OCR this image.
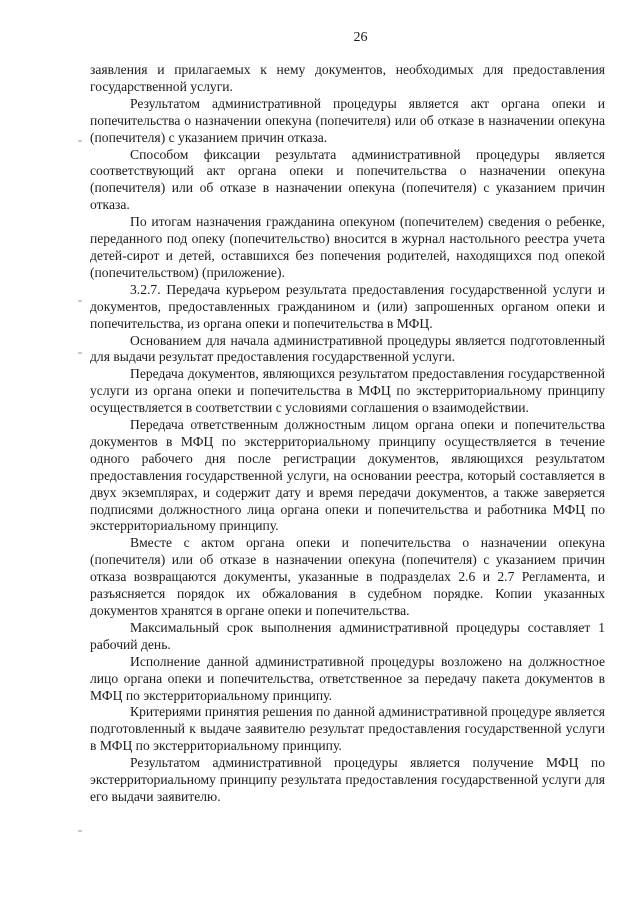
26

заявления и прилагаемых к нему документов, необходимых для предоставления государственной услуги.

Результатом административной процедуры является акт органа опеки и попечительства о назначении опекуна (попечителя) или об отказе в назначении опекуна (попечителя) с указанием причин отказа.

Способом фиксации результата административной процедуры является соответствующий акт органа опеки и попечительства о назначении опекуна (попечителя) или об отказе в назначении опекуна (попечителя) с указанием причин отказа.

По итогам назначения гражданина опекуном (попечителем) сведения о ребенке, переданного под опеку (попечительство) вносится в журнал настольного реестра учета детей-сирот и детей, оставшихся без попечения родителей, находящихся под опекой (попечительством) (приложение).

3.2.7. Передача курьером результата предоставления государственной услуги и документов, предоставленных гражданином и (или) запрошенных органом опеки и попечительства, из органа опеки и попечительства в МФЦ.

Основанием для начала административной процедуры является подготовленный для выдачи результат предоставления государственной услуги.

Передача документов, являющихся результатом предоставления государственной услуги из органа опеки и попечительства в МФЦ по экстерриториальному принципу осуществляется в соответствии с условиями соглашения о взаимодействии.

Передача ответственным должностным лицом органа опеки и попечительства документов в МФЦ по экстерриториальному принципу осуществляется в течение одного рабочего дня после регистрации документов, являющихся результатом предоставления государственной услуги, на основании реестра, который составляется в двух экземплярах, и содержит дату и время передачи документов, а также заверяется подписями должностного лица органа опеки и попечительства и работника МФЦ по экстерриториальному принципу.

Вместе с актом органа опеки и попечительства о назначении опекуна (попечителя) или об отказе в назначении опекуна (попечителя) с указанием причин отказа возвращаются документы, указанные в подразделах 2.6 и 2.7 Регламента, и разъясняется порядок их обжалования в судебном порядке. Копии указанных документов хранятся в органе опеки и попечительства.

Максимальный срок выполнения административной процедуры составляет 1 рабочий день.

Исполнение данной административной процедуры возложено на должностное лицо органа опеки и попечительства, ответственное за передачу пакета документов в МФЦ по экстерриториальному принципу.

Критериями принятия решения по данной административной процедуре является подготовленный к выдаче заявителю результат предоставления государственной услуги в МФЦ по экстерриториальному принципу.

Результатом административной процедуры является получение МФЦ по экстерриториальному принципу результата предоставления государственной услуги для его выдачи заявителю.
